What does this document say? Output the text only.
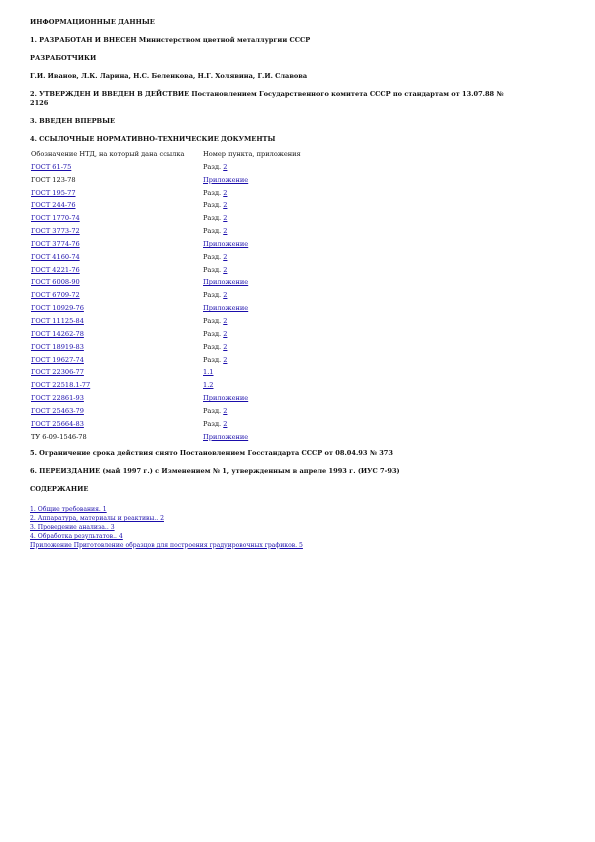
ИНФОРМАЦИОННЫЕ ДАННЫЕ

1. РАЗРАБОТАН И ВНЕСЕН Министерством цветной металлургии СССР

РАЗРАБОТЧИКИ

Г.И. Иванов, Л.К. Ларина, Н.С. Беленкова, Н.Г. Холявина, Г.И. Славова

2. УТВЕРЖДЕН И ВВЕДЕН В ДЕЙСТВИЕ Постановлением Государственного комитета СССР по стандартам от 13.07.88 №

2126

3. ВВЕДЕН ВПЕРВЫЕ

4. ССЫЛОЧНЫЕ НОРМАТИВНО-ТЕХНИЧЕСКИЕ ДОКУМЕНТЫ

Обозначение НТД, на который дана ссылка	Номер пункта, приложения
ГОСТ 61-75	Разд. 2
ГОСТ 123-78	Приложение
ГОСТ 195-77	Разд. 2
ГОСТ 244-76	Разд. 2
ГОСТ 1770-74	Разд. 2
ГОСТ 3773-72	Разд. 2
ГОСТ 3774-76	Приложение
ГОСТ 4160-74	Разд. 2
ГОСТ 4221-76	Разд. 2
ГОСТ 6008-90	Приложение
ГОСТ 6709-72	Разд. 2
ГОСТ 10929-76	Приложение
ГОСТ 11125-84	Разд. 2
ГОСТ 14262-78	Разд. 2
ГОСТ 18919-83	Разд. 2
ГОСТ 19627-74	Разд. 2
ГОСТ 22306-77	1.1
ГОСТ 22518.1-77	1.2
ГОСТ 22861-93	Приложение
ГОСТ 25463-79	Разд. 2
ГОСТ 25664-83	Разд. 2
ТУ 6-09-1546-78	Приложение

5. Ограничение срока действия снято Постановлением Госстандарта СССР от 08.04.93 № 373

6. ПЕРЕИЗДАНИЕ (май 1997 г.) с Изменением № 1, утвержденным в апреле 1993 г. (ИУС 7-93)

СОДЕРЖАНИЕ

1. Общие требования. 1
2. Аппаратура, материалы и реактивы.. 2
3. Проведение анализа.. 3
4. Обработка результатов.. 4
Приложение Приготовление образцов для построения градуировочных графиков. 5
